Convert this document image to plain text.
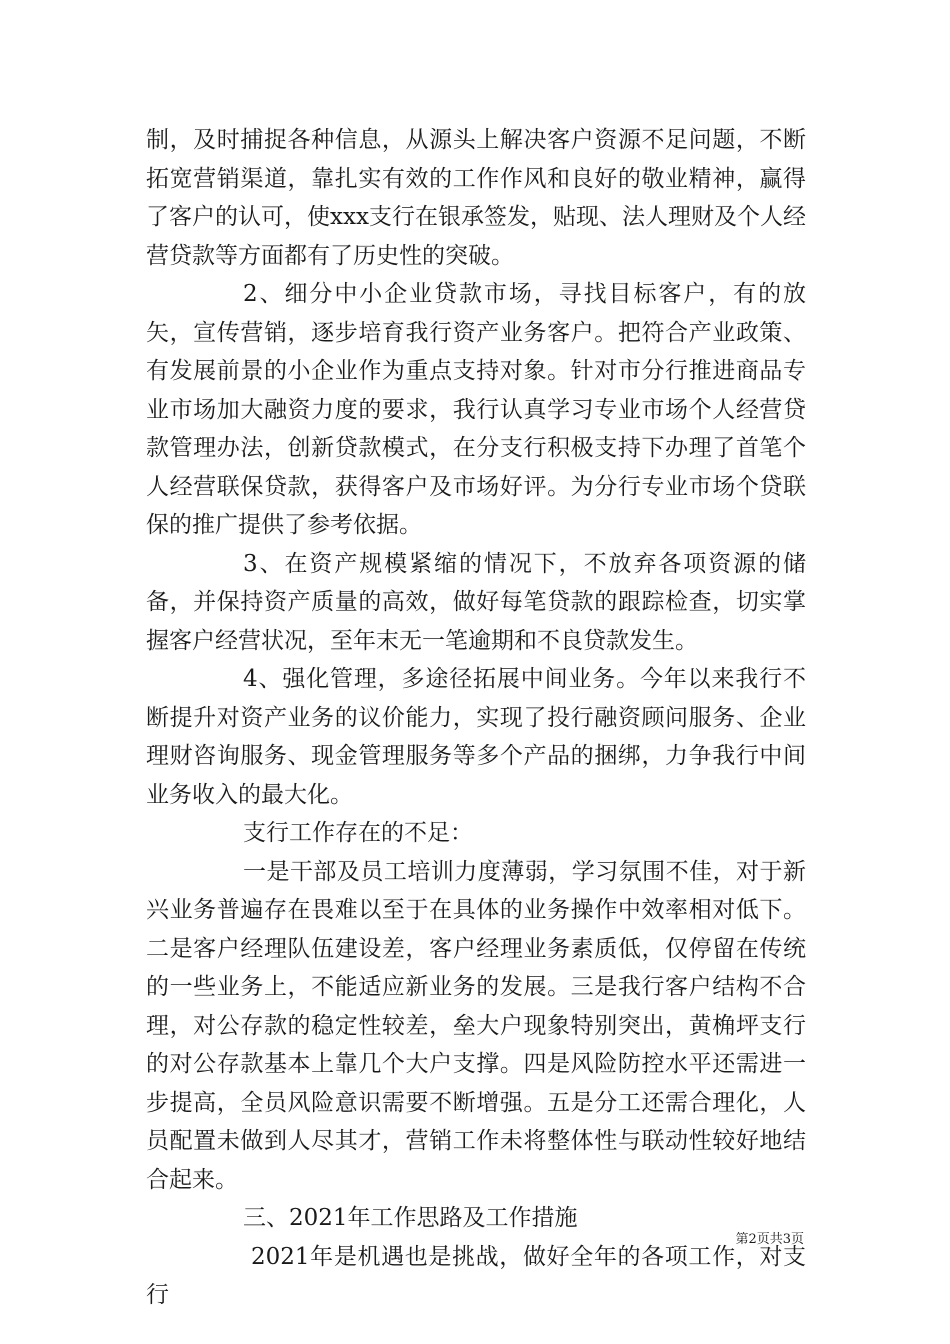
制，及时捕捉各种信息，从源头上解决客户资源不足问题，不断拓宽营销渠道，靠扎实有效的工作作风和良好的敬业精神，赢得了客户的认可，使xxx支行在银承签发，贴现、法人理财及个人经营贷款等方面都有了历史性的突破。

2、细分中小企业贷款市场，寻找目标客户，有的放矢，宣传营销，逐步培育我行资产业务客户。把符合产业政策、有发展前景的小企业作为重点支持对象。针对市分行推进商品专业市场加大融资力度的要求，我行认真学习专业市场个人经营贷款管理办法，创新贷款模式，在分支行积极支持下办理了首笔个人经营联保贷款，获得客户及市场好评。为分行专业市场个贷联保的推广提供了参考依据。

3、在资产规模紧缩的情况下，不放弃各项资源的储备，并保持资产质量的高效，做好每笔贷款的跟踪检查，切实掌握客户经营状况，至年末无一笔逾期和不良贷款发生。

4、强化管理，多途径拓展中间业务。今年以来我行不断提升对资产业务的议价能力，实现了投行融资顾问服务、企业理财咨询服务、现金管理服务等多个产品的捆绑，力争我行中间业务收入的最大化。

支行工作存在的不足：

一是干部及员工培训力度薄弱，学习氛围不佳，对于新兴业务普遍存在畏难以至于在具体的业务操作中效率相对低下。二是客户经理队伍建设差，客户经理业务素质低，仅停留在传统的一些业务上，不能适应新业务的发展。三是我行客户结构不合理，对公存款的稳定性较差，垒大户现象特别突出，黄桷坪支行的对公存款基本上靠几个大户支撑。四是风险防控水平还需进一步提高，全员风险意识需要不断增强。五是分工还需合理化，人员配置未做到人尽其才，营销工作未将整体性与联动性较好地结合起来。

三、2021年工作思路及工作措施

2021年是机遇也是挑战，做好全年的各项工作，对支行

第2页共3页
